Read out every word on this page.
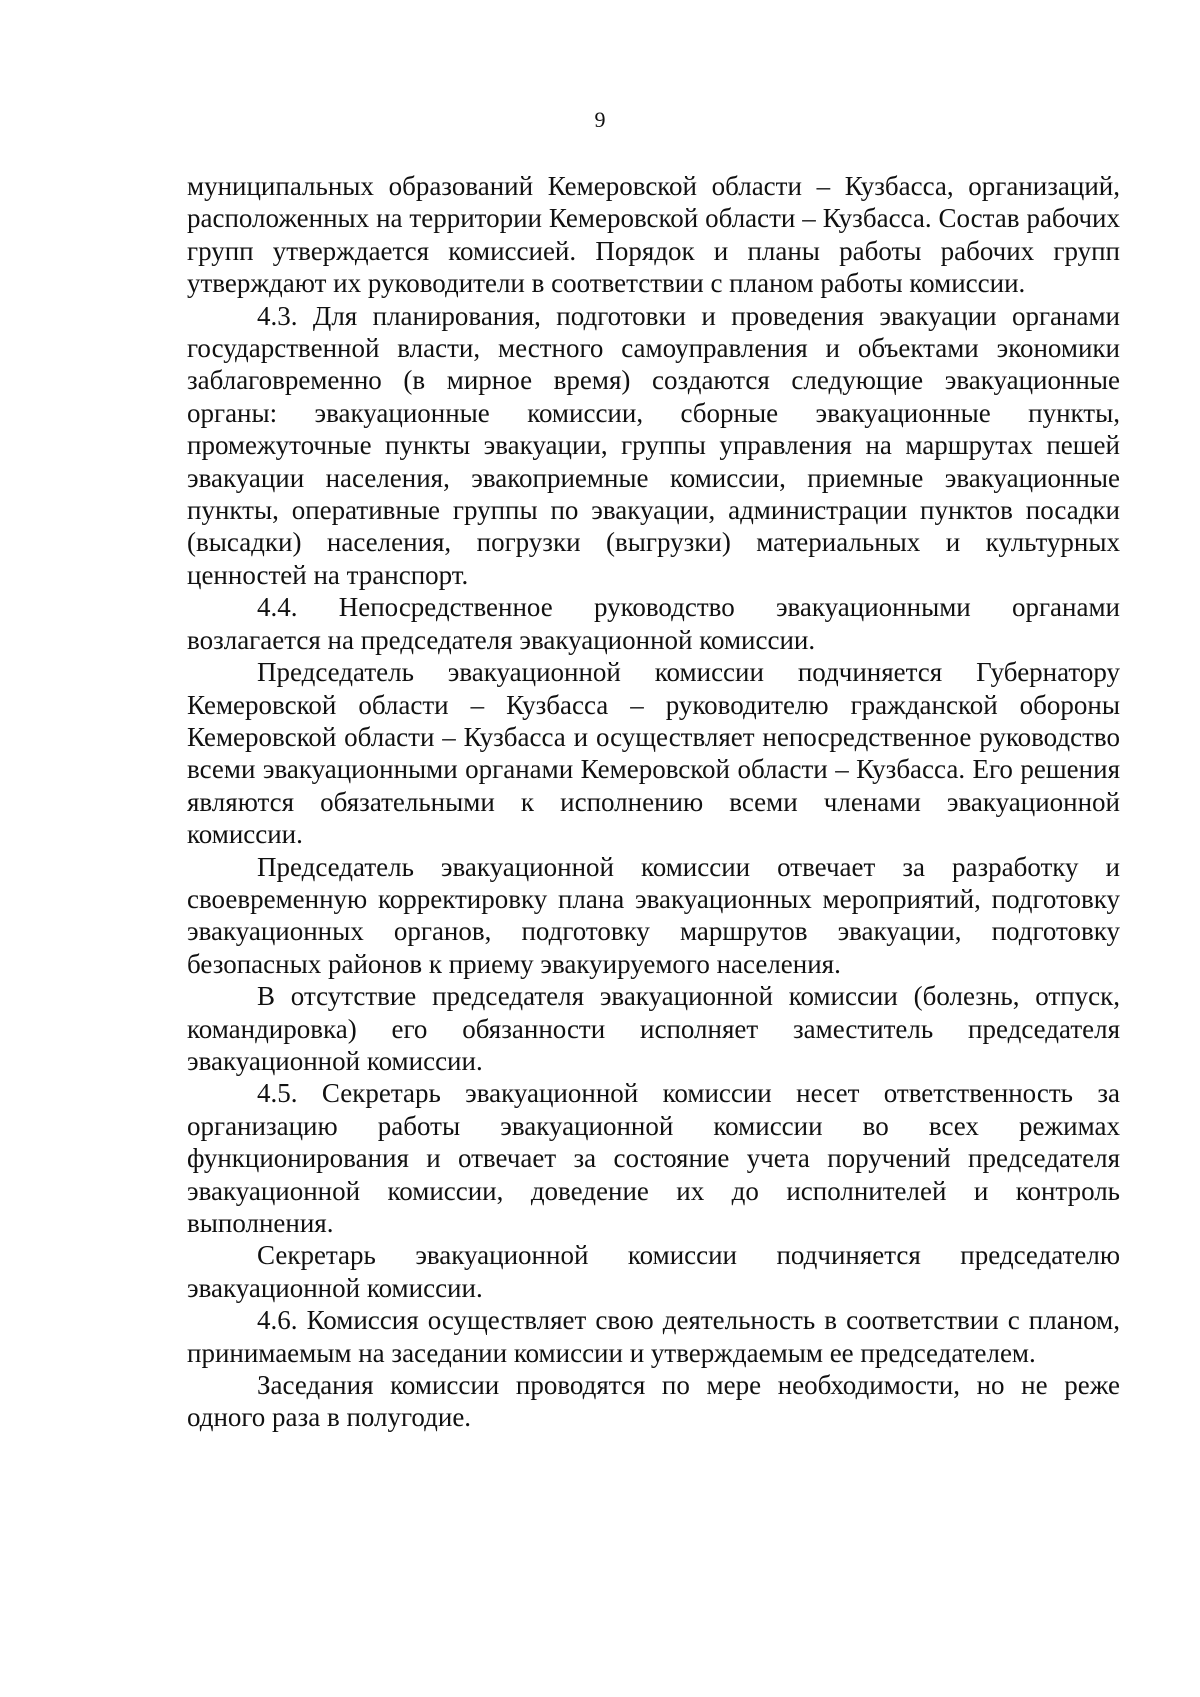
9

муниципальных образований Кемеровской области – Кузбасса, организаций, расположенных на территории Кемеровской области – Кузбасса. Состав рабочих групп утверждается комиссией. Порядок и планы работы рабочих групп утверждают их руководители в соответствии с планом работы комиссии.

4.3. Для планирования, подготовки и проведения эвакуации органами государственной власти, местного самоуправления и объектами экономики заблаговременно (в мирное время) создаются следующие эвакуационные органы: эвакуационные комиссии, сборные эвакуационные пункты, промежуточные пункты эвакуации, группы управления на маршрутах пешей эвакуации населения, эвакоприемные комиссии, приемные эвакуационные пункты, оперативные группы по эвакуации, администрации пунктов посадки (высадки) населения, погрузки (выгрузки) материальных и культурных ценностей на транспорт.

4.4. Непосредственное руководство эвакуационными органами возлагается на председателя эвакуационной комиссии.

Председатель эвакуационной комиссии подчиняется Губернатору Кемеровской области – Кузбасса – руководителю гражданской обороны Кемеровской области – Кузбасса и осуществляет непосредственное руководство всеми эвакуационными органами Кемеровской области – Кузбасса. Его решения являются обязательными к исполнению всеми членами эвакуационной комиссии.

Председатель эвакуационной комиссии отвечает за разработку и своевременную корректировку плана эвакуационных мероприятий, подготовку эвакуационных органов, подготовку маршрутов эвакуации, подготовку безопасных районов к приему эвакуируемого населения.

В отсутствие председателя эвакуационной комиссии (болезнь, отпуск, командировка) его обязанности исполняет заместитель председателя эвакуационной комиссии.

4.5. Секретарь эвакуационной комиссии несет ответственность за организацию работы эвакуационной комиссии во всех режимах функционирования и отвечает за состояние учета поручений председателя эвакуационной комиссии, доведение их до исполнителей и контроль выполнения.

Секретарь эвакуационной комиссии подчиняется председателю эвакуационной комиссии.

4.6. Комиссия осуществляет свою деятельность в соответствии с планом, принимаемым на заседании комиссии и утверждаемым ее председателем.

Заседания комиссии проводятся по мере необходимости, но не реже одного раза в полугодие.
